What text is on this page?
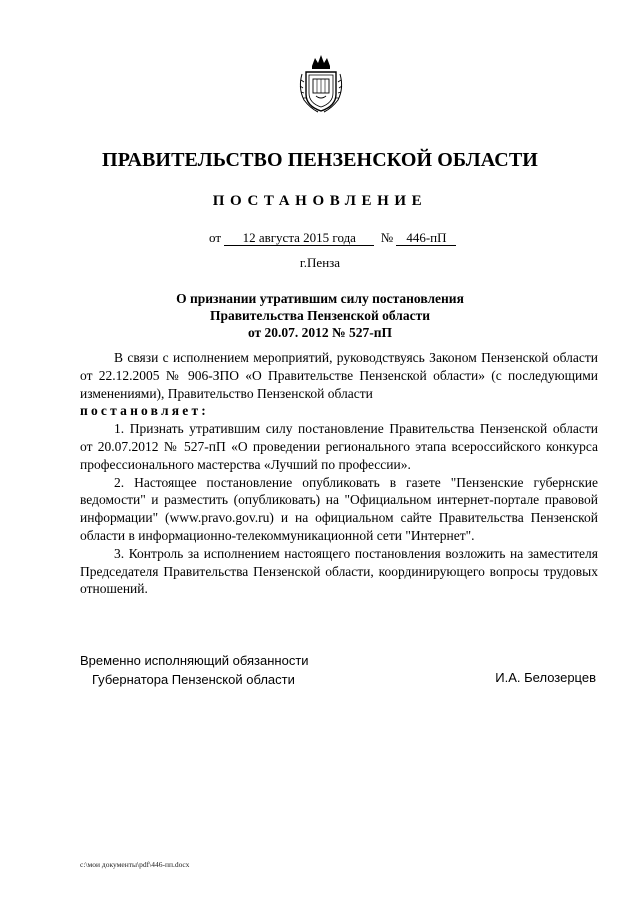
ПРАВИТЕЛЬСТВО ПЕНЗЕНСКОЙ ОБЛАСТИ
ПОСТАНОВЛЕНИЕ
от 12 августа 2015 года № 446-пП
г.Пенза
О признании утратившим силу постановления
Правительства Пензенской области
от 20.07. 2012 № 527-пП

В связи с исполнением мероприятий, руководствуясь Законом Пензенской области от 22.12.2005 № 906-ЗПО «О Правительстве Пензенской области» (с последующими изменениями), Правительство Пензенской области

постановляет:

1. Признать утратившим силу постановление Правительства Пензенской области от 20.07.2012 № 527-пП «О проведении регионального этапа всероссийского конкурса профессионального мастерства «Лучший по профессии».

2. Настоящее постановление опубликовать в газете "Пензенские губернские ведомости" и разместить (опубликовать) на "Официальном интернет-портале правовой информации" (www.pravo.gov.ru) и на официальном сайте Правительства Пензенской области в информационно-телекоммуникационной сети "Интернет".

3. Контроль за исполнением настоящего постановления возложить на заместителя Председателя Правительства Пензенской области, координирующего вопросы трудовых отношений.

Временно исполняющий обязанности
Губернатора Пензенской области	И.А. Белозерцев
c:\мои документы\pdf\446-пп.docx
